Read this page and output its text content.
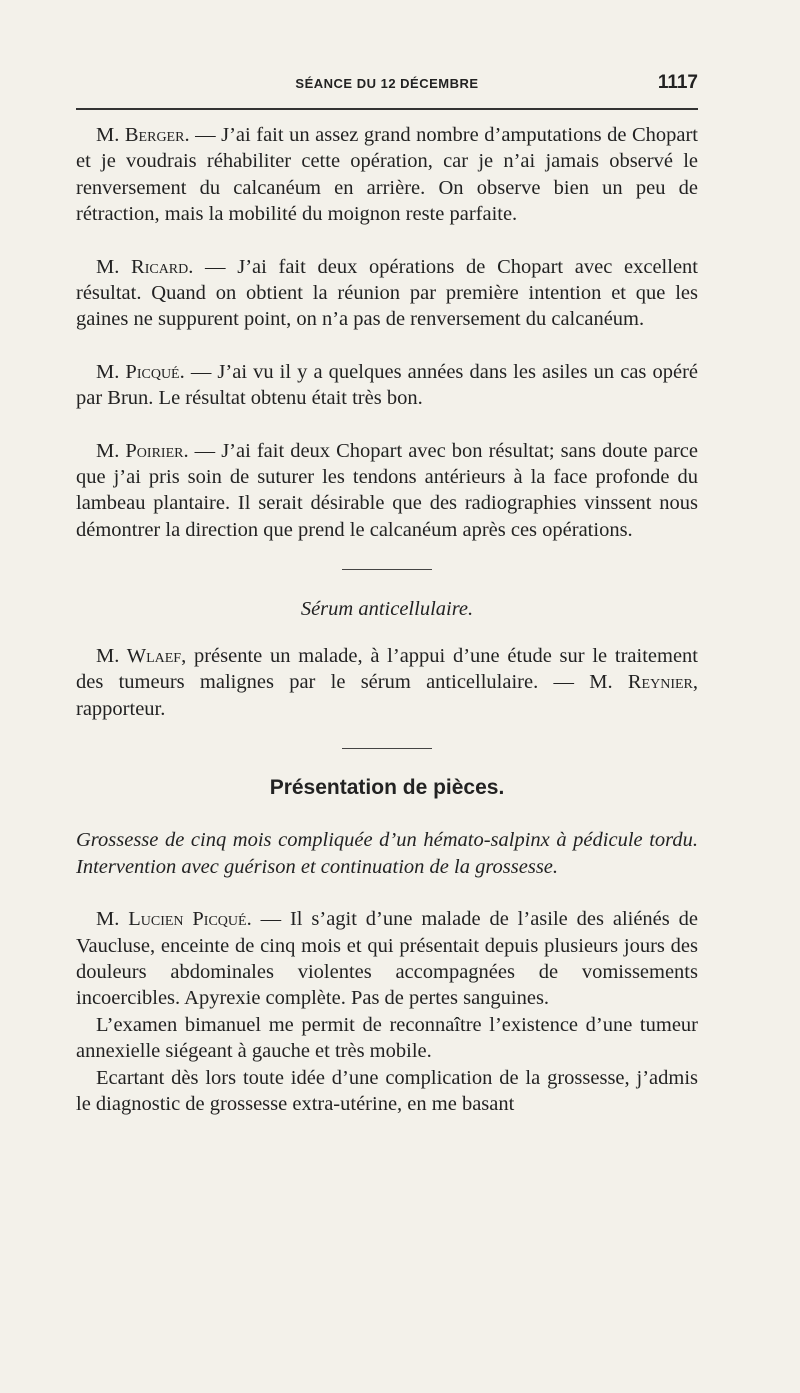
SÉANCE DU 12 DÉCEMBRE	1117

M. Berger. — J’ai fait un assez grand nombre d’amputations de Chopart et je voudrais réhabiliter cette opération, car je n’ai jamais observé le renversement du calcanéum en arrière. On observe bien un peu de rétraction, mais la mobilité du moignon reste parfaite.

M. Ricard. — J’ai fait deux opérations de Chopart avec excellent résultat. Quand on obtient la réunion par première intention et que les gaines ne suppurent point, on n’a pas de renversement du calcanéum.

M. Picqué. — J’ai vu il y a quelques années dans les asiles un cas opéré par Brun. Le résultat obtenu était très bon.

M. Poirier. — J’ai fait deux Chopart avec bon résultat; sans doute parce que j’ai pris soin de suturer les tendons antérieurs à la face profonde du lambeau plantaire. Il serait désirable que des radiographies vinssent nous démontrer la direction que prend le calcanéum après ces opérations.

Sérum anticellulaire.

M. Wlaef, présente un malade, à l’appui d’une étude sur le traitement des tumeurs malignes par le sérum anticellulaire. — M. Reynier, rapporteur.

Présentation de pièces.

Grossesse de cinq mois compliquée d’un hémato-salpinx à pédicule tordu. Intervention avec guérison et continuation de la grossesse.

M. Lucien Picqué. — Il s’agit d’une malade de l’asile des aliénés de Vaucluse, enceinte de cinq mois et qui présentait depuis plusieurs jours des douleurs abdominales violentes accompagnées de vomissements incoercibles. Apyrexie complète. Pas de pertes sanguines.

L’examen bimanuel me permit de reconnaître l’existence d’une tumeur annexielle siégeant à gauche et très mobile.

Ecartant dès lors toute idée d’une complication de la grossesse, j’admis le diagnostic de grossesse extra-utérine, en me basant
